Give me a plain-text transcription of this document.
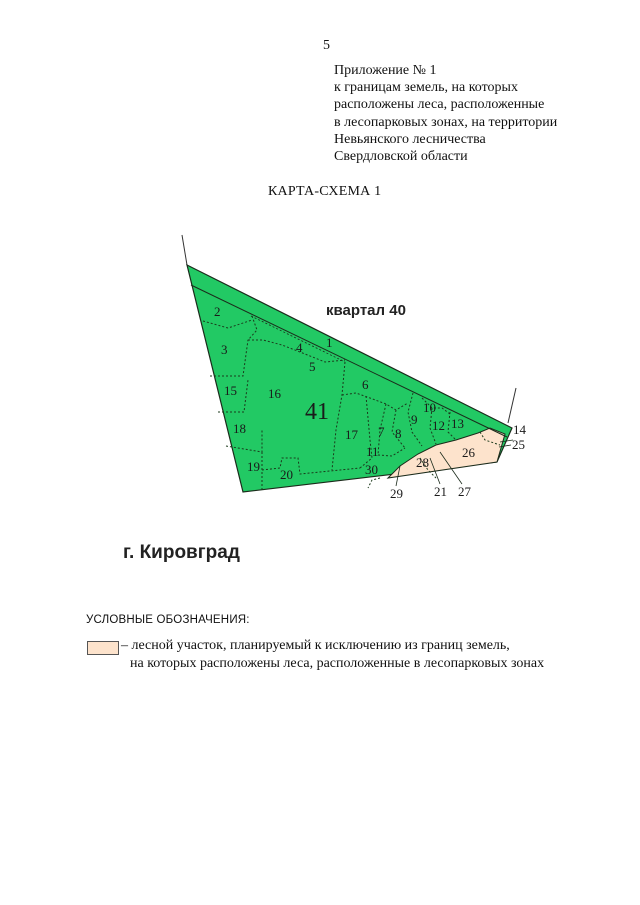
5
Приложение № 1
к границам земель, на которых
расположены леса, расположенные
в лесопарковых зонах, на территории
Невьянского лесничества
Свердловской области
КАРТА-СХЕМА 1
квартал 40
41
г. Кировград
1
2
3	4
5
6
7 8
9
10
11
12 13	14
15 16
17
18
19
20
21
25
26
27
28
29
30
УСЛОВНЫЕ ОБОЗНАЧЕНИЯ:
– лесной участок, планируемый к исключению из границ земель,
на которых расположены леса, расположенные в лесопарковых зонах
